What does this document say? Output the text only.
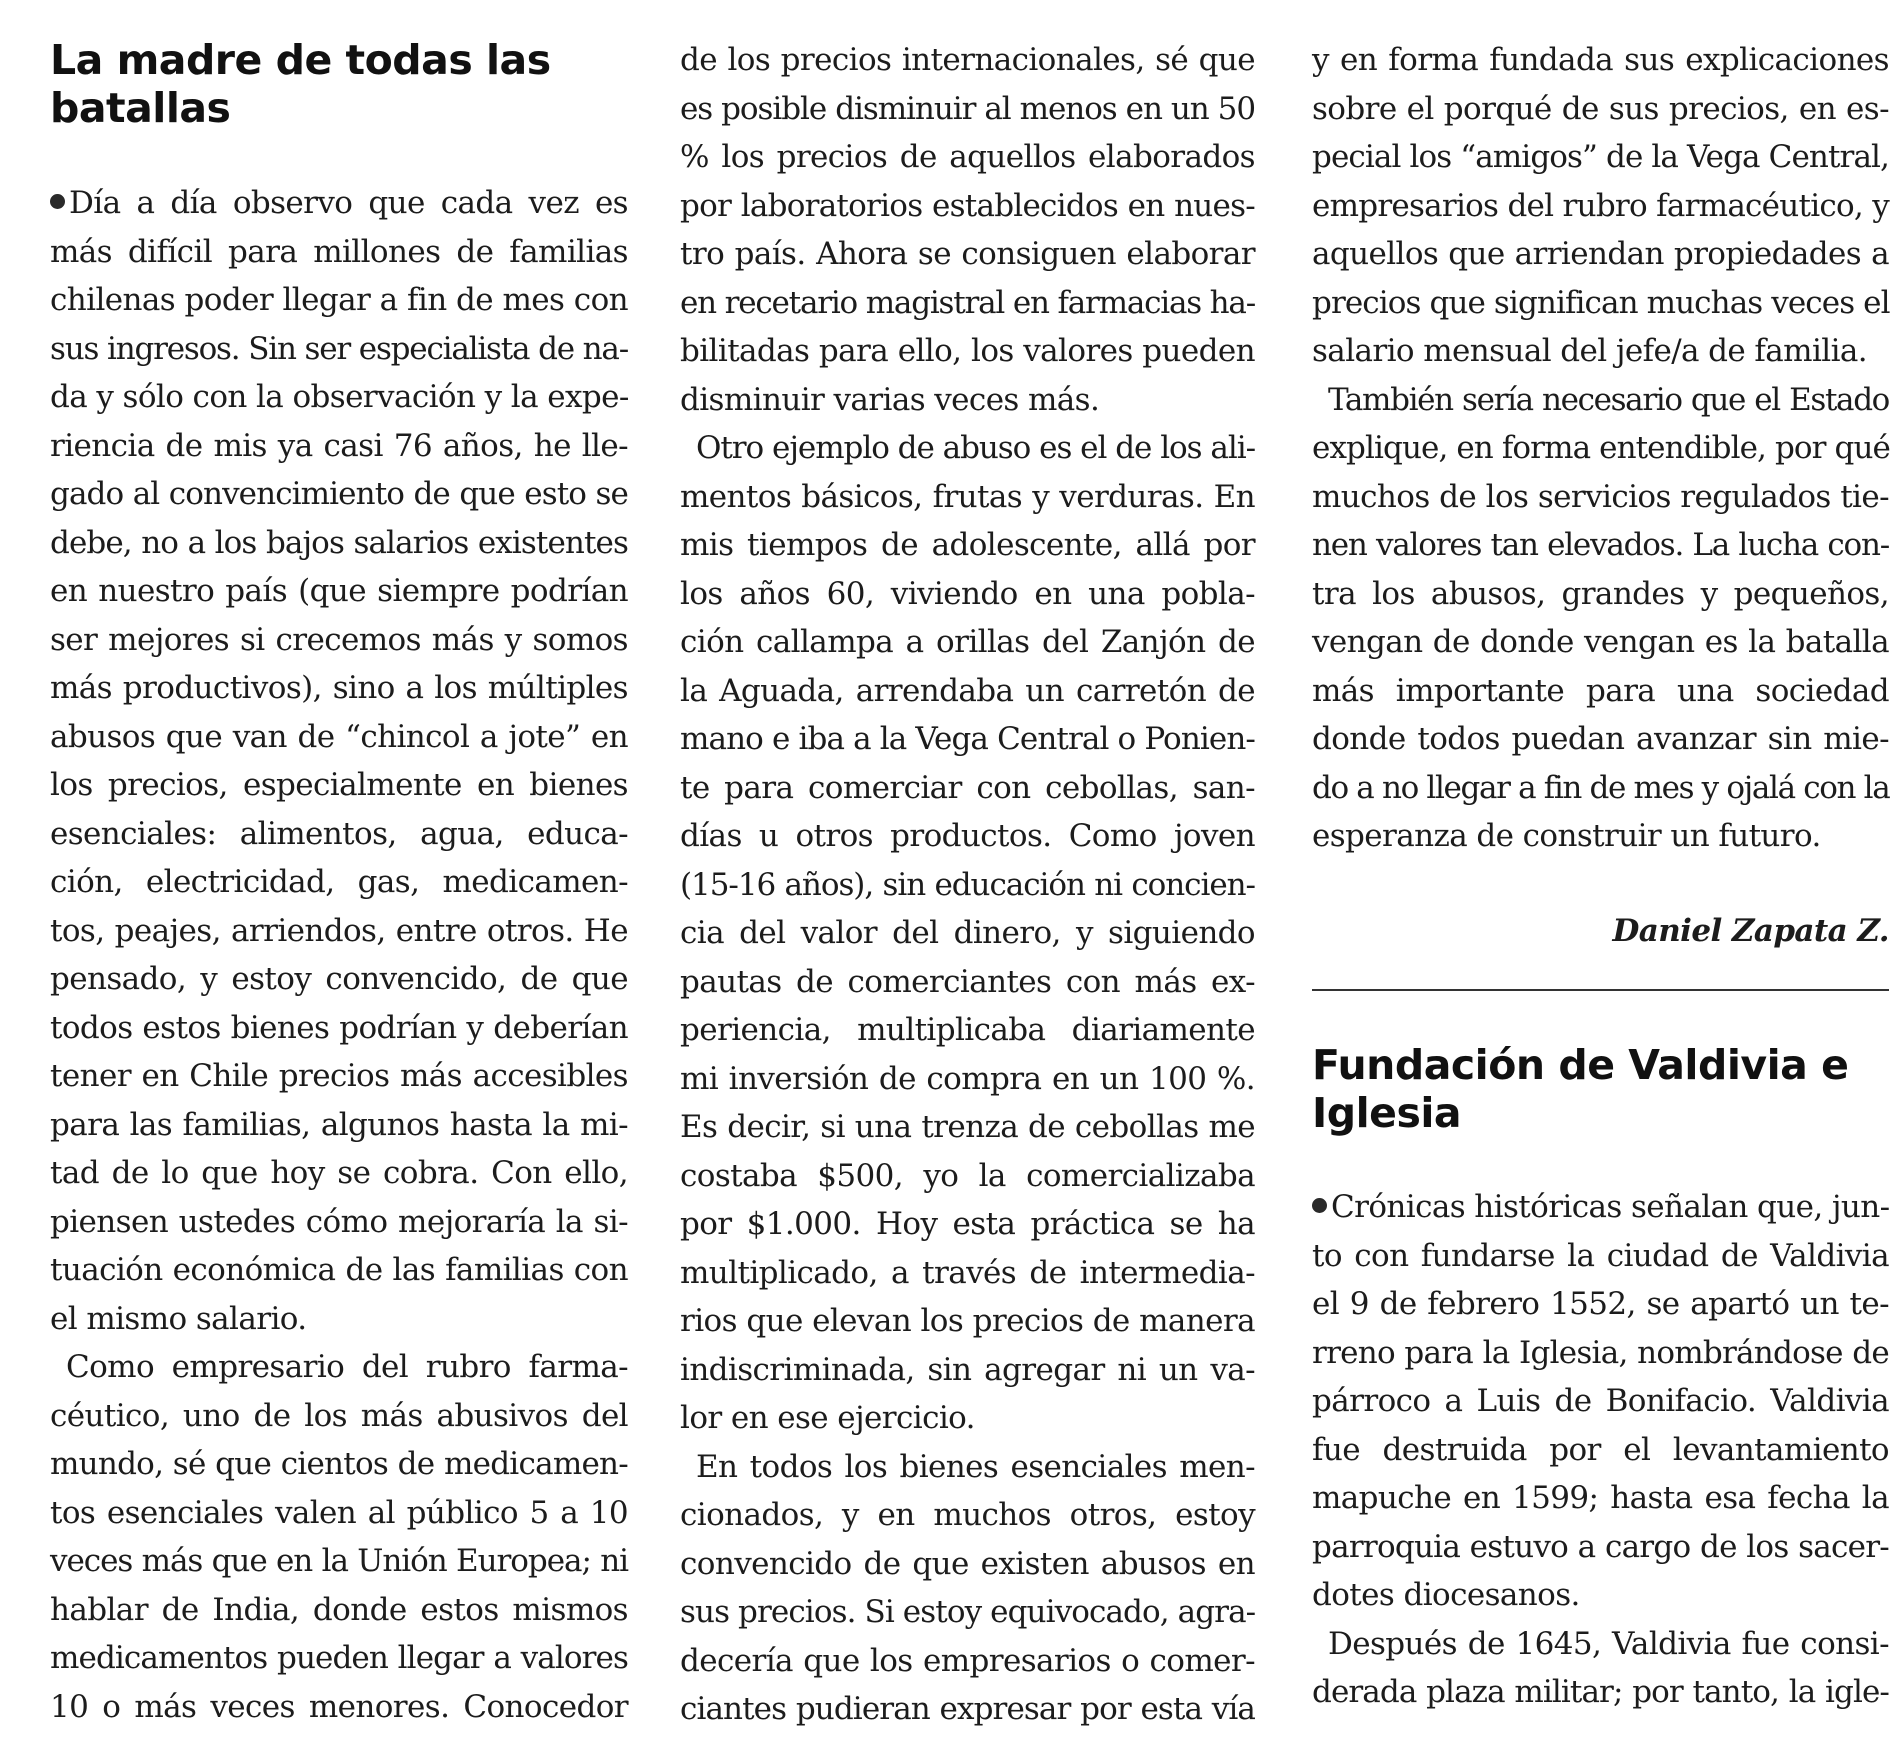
La madre de todas las
batallas
Día a día observo que cada vez es
más difícil para millones de familias
chilenas poder llegar a fin de mes con
sus ingresos. Sin ser especialista de na-
da y sólo con la observación y la expe-
riencia de mis ya casi 76 años, he lle-
gado al convencimiento de que esto se
debe, no a los bajos salarios existentes
en nuestro país (que siempre podrían
ser mejores si crecemos más y somos
más productivos), sino a los múltiples
abusos que van de “chincol a jote” en
los precios, especialmente en bienes
esenciales: alimentos, agua, educa-
ción, electricidad, gas, medicamen-
tos, peajes, arriendos, entre otros. He
pensado, y estoy convencido, de que
todos estos bienes podrían y deberían
tener en Chile precios más accesibles
para las familias, algunos hasta la mi-
tad de lo que hoy se cobra. Con ello,
piensen ustedes cómo mejoraría la si-
tuación económica de las familias con
el mismo salario.
Como empresario del rubro farma-
céutico, uno de los más abusivos del
mundo, sé que cientos de medicamen-
tos esenciales valen al público 5 a 10
veces más que en la Unión Europea; ni
hablar de India, donde estos mismos
medicamentos pueden llegar a valores
10 o más veces menores. Conocedor
de los precios internacionales, sé que
es posible disminuir al menos en un 50
% los precios de aquellos elaborados
por laboratorios establecidos en nues-
tro país. Ahora se consiguen elaborar
en recetario magistral en farmacias ha-
bilitadas para ello, los valores pueden
disminuir varias veces más.
Otro ejemplo de abuso es el de los ali-
mentos básicos, frutas y verduras. En
mis tiempos de adolescente, allá por
los años 60, viviendo en una pobla-
ción callampa a orillas del Zanjón de
la Aguada, arrendaba un carretón de
mano e iba a la Vega Central o Ponien-
te para comerciar con cebollas, san-
días u otros productos. Como joven
(15-16 años), sin educación ni concien-
cia del valor del dinero, y siguiendo
pautas de comerciantes con más ex-
periencia, multiplicaba diariamente
mi inversión de compra en un 100 %.
Es decir, si una trenza de cebollas me
costaba $500, yo la comercializaba
por $1.000. Hoy esta práctica se ha
multiplicado, a través de intermedia-
rios que elevan los precios de manera
indiscriminada, sin agregar ni un va-
lor en ese ejercicio.
En todos los bienes esenciales men-
cionados, y en muchos otros, estoy
convencido de que existen abusos en
sus precios. Si estoy equivocado, agra-
decería que los empresarios o comer-
ciantes pudieran expresar por esta vía
y en forma fundada sus explicaciones
sobre el porqué de sus precios, en es-
pecial los “amigos” de la Vega Central,
empresarios del rubro farmacéutico, y
aquellos que arriendan propiedades a
precios que significan muchas veces el
salario mensual del jefe/a de familia.
También sería necesario que el Estado
explique, en forma entendible, por qué
muchos de los servicios regulados tie-
nen valores tan elevados. La lucha con-
tra los abusos, grandes y pequeños,
vengan de donde vengan es la batalla
más importante para una sociedad
donde todos puedan avanzar sin mie-
do a no llegar a fin de mes y ojalá con la
esperanza de construir un futuro.
Daniel Zapata Z.
Fundación de Valdivia e
Iglesia
Crónicas históricas señalan que, jun-
to con fundarse la ciudad de Valdivia
el 9 de febrero 1552, se apartó un te-
rreno para la Iglesia, nombrándose de
párroco a Luis de Bonifacio. Valdivia
fue destruida por el levantamiento
mapuche en 1599; hasta esa fecha la
parroquia estuvo a cargo de los sacer-
dotes diocesanos.
Después de 1645, Valdivia fue consi-
derada plaza militar; por tanto, la igle-
